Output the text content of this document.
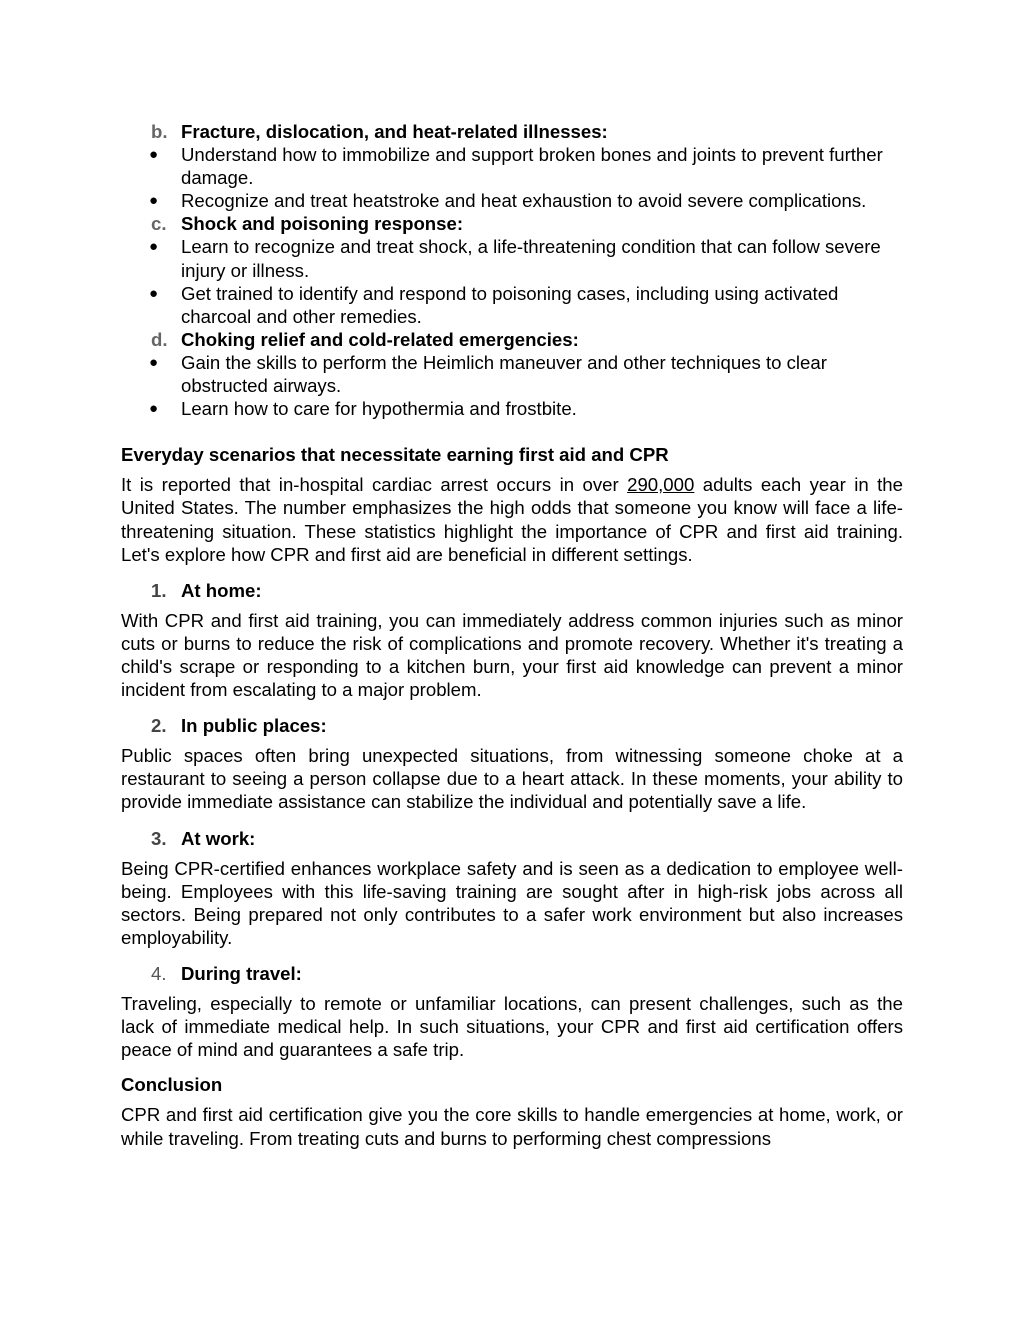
b. Fracture, dislocation, and heat-related illnesses:
● Understand how to immobilize and support broken bones and joints to prevent further damage.
● Recognize and treat heatstroke and heat exhaustion to avoid severe complications.
c. Shock and poisoning response:
● Learn to recognize and treat shock, a life-threatening condition that can follow severe injury or illness.
● Get trained to identify and respond to poisoning cases, including using activated charcoal and other remedies.
d. Choking relief and cold-related emergencies:
● Gain the skills to perform the Heimlich maneuver and other techniques to clear obstructed airways.
● Learn how to care for hypothermia and frostbite.

Everyday scenarios that necessitate earning first aid and CPR

It is reported that in-hospital cardiac arrest occurs in over 290,000 adults each year in the United States. The number emphasizes the high odds that someone you know will face a life-threatening situation. These statistics highlight the importance of CPR and first aid training. Let's explore how CPR and first aid are beneficial in different settings.

1. At home:

With CPR and first aid training, you can immediately address common injuries such as minor cuts or burns to reduce the risk of complications and promote recovery. Whether it's treating a child's scrape or responding to a kitchen burn, your first aid knowledge can prevent a minor incident from escalating to a major problem.

2. In public places:

Public spaces often bring unexpected situations, from witnessing someone choke at a restaurant to seeing a person collapse due to a heart attack. In these moments, your ability to provide immediate assistance can stabilize the individual and potentially save a life.

3. At work:

Being CPR-certified enhances workplace safety and is seen as a dedication to employee well-being. Employees with this life-saving training are sought after in high-risk jobs across all sectors. Being prepared not only contributes to a safer work environment but also increases employability.

4. During travel:

Traveling, especially to remote or unfamiliar locations, can present challenges, such as the lack of immediate medical help. In such situations, your CPR and first aid certification offers peace of mind and guarantees a safe trip.

Conclusion

CPR and first aid certification give you the core skills to handle emergencies at home, work, or while traveling. From treating cuts and burns to performing chest compressions
